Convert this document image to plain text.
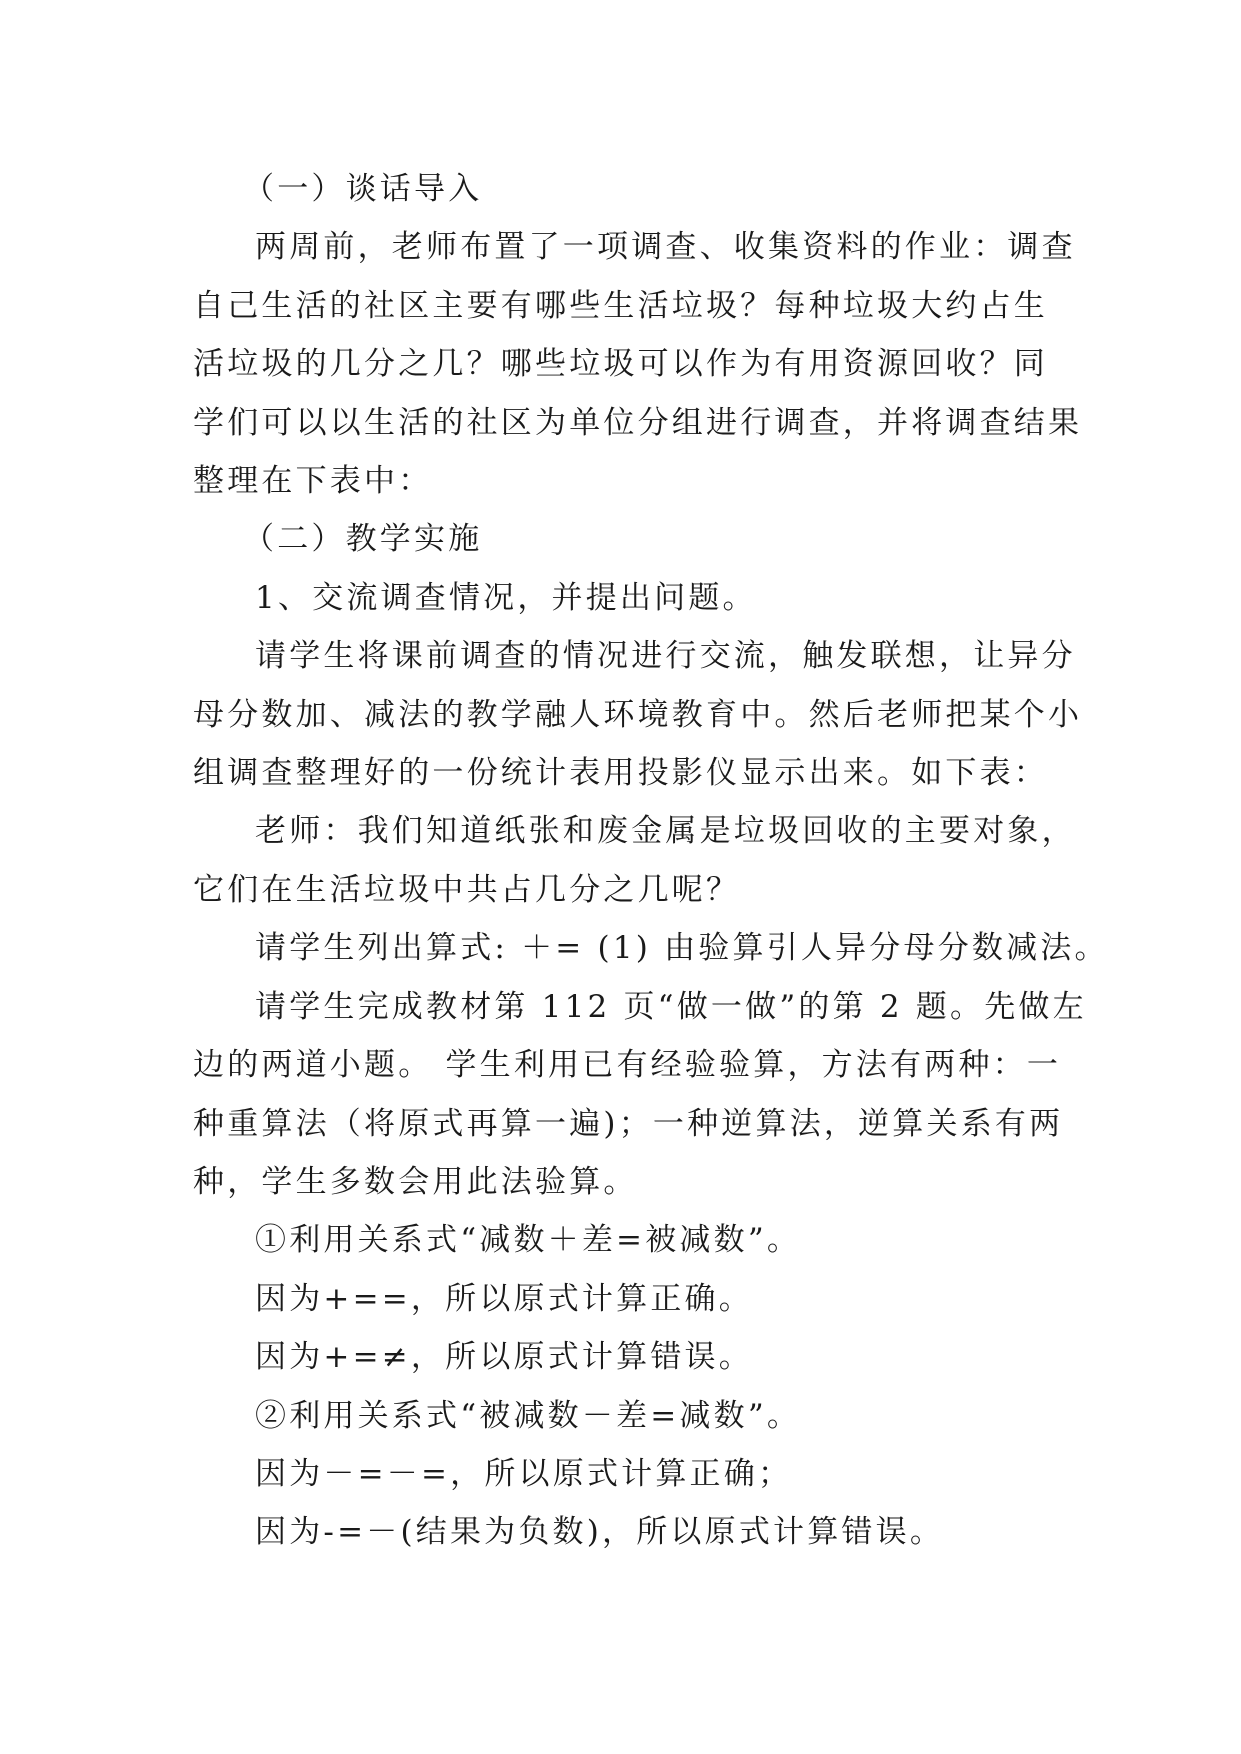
（一）谈话导入

两周前，老师布置了一项调查、收集资料的作业：调查

自己生活的社区主要有哪些生活垃圾？每种垃圾大约占生

活垃圾的几分之几？哪些垃圾可以作为有用资源回收？同

学们可以以生活的社区为单位分组进行调查，并将调查结果

整理在下表中：

（二）教学实施

1、交流调查情况，并提出问题。

请学生将课前调查的情况进行交流，触发联想，让异分

母分数加、减法的教学融人环境教育中。然后老师把某个小

组调查整理好的一份统计表用投影仪显示出来。如下表：

老师：我们知道纸张和废金属是垃圾回收的主要对象，

它们在生活垃圾中共占几分之几呢？

请学生列出算式: ＋= (1) 由验算引人异分母分数减法。

请学生完成教材第 112 页“做一做”的第 2 题。先做左

边的两道小题。 学生利用已有经验验算，方法有两种：一

种重算法（将原式再算一遍)；一种逆算法，逆算关系有两

种，学生多数会用此法验算。

①利用关系式“减数＋差=被减数”。

因为+==，所以原式计算正确。

因为+=≠，所以原式计算错误。

②利用关系式“被减数－差=减数”。

因为－=－=，所以原式计算正确；

因为-=－(结果为负数)，所以原式计算错误。
